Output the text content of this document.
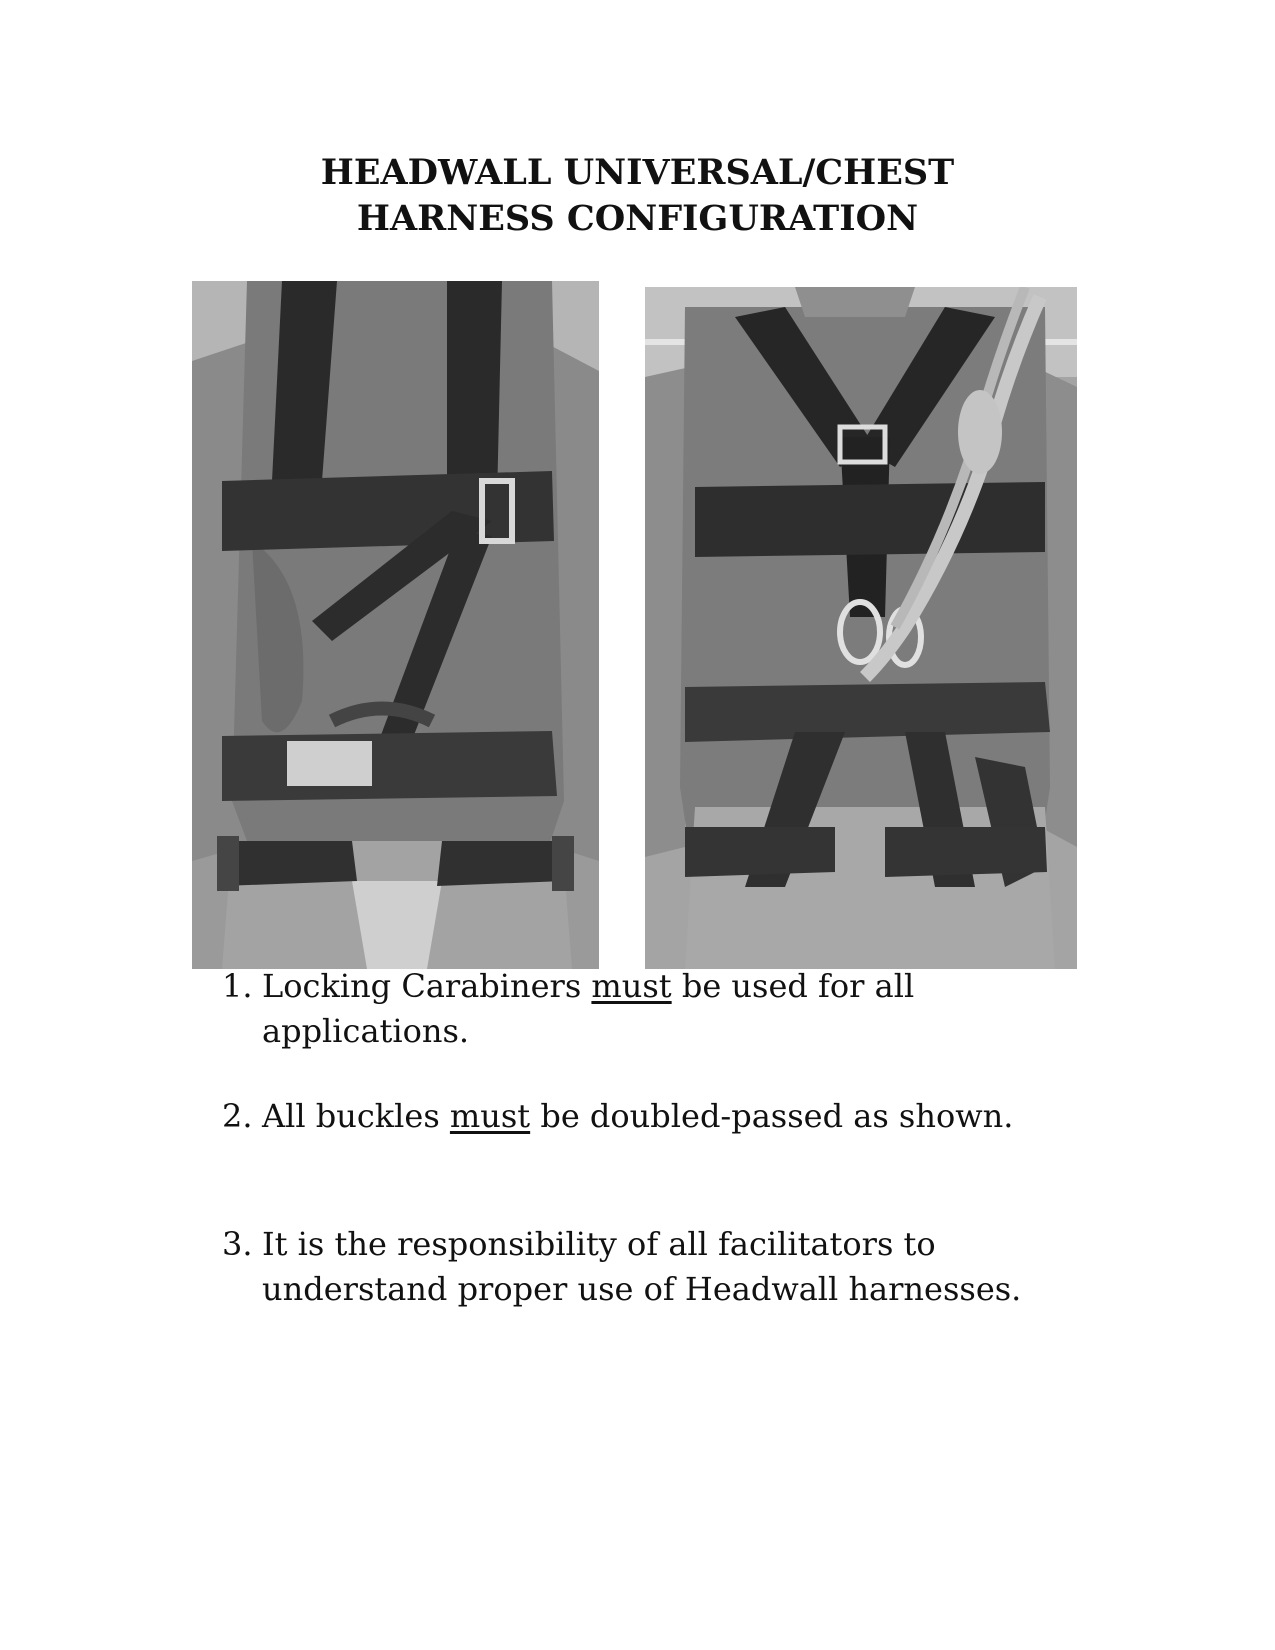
HEADWALL UNIVERSAL/CHEST
HARNESS CONFIGURATION
1. Locking Carabiners must be used for all
applications.
2. All buckles must be doubled-passed as shown.
3. It is the responsibility of all facilitators to
understand proper use of Headwall harnesses.
